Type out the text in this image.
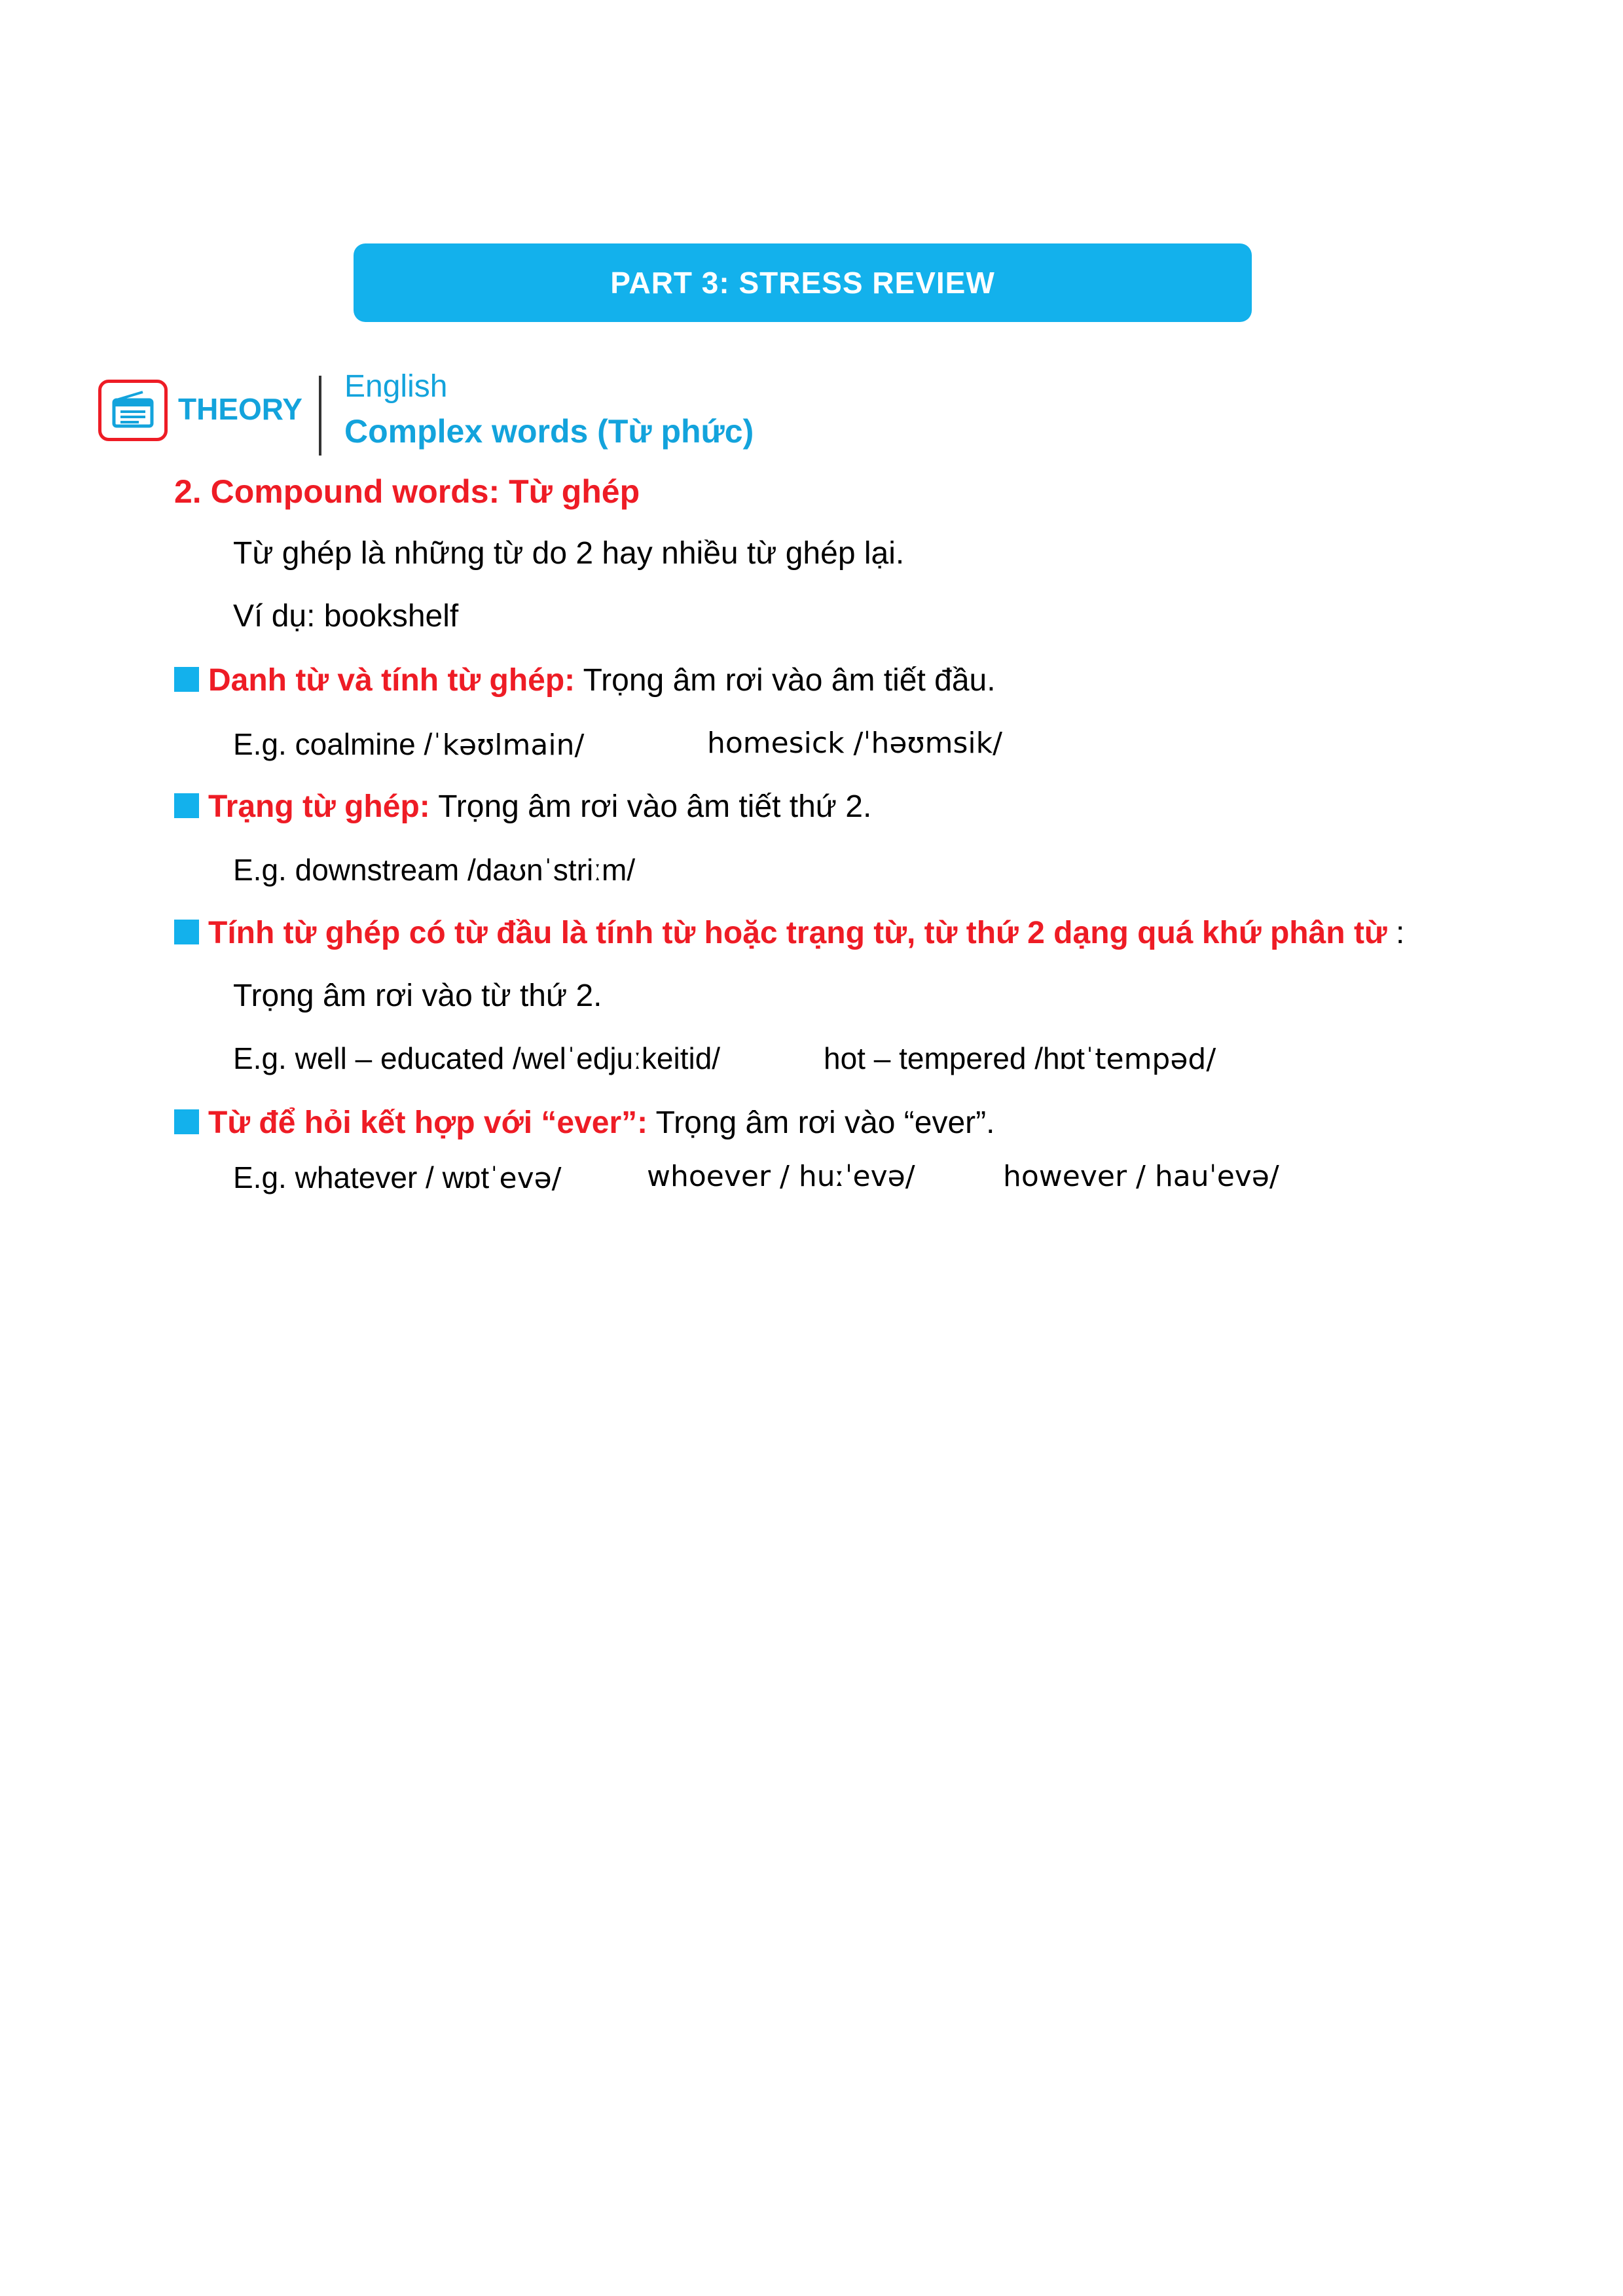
PART 3: STRESS REVIEW
THEORY
English
Complex words (Từ phức)
2. Compound words: Từ ghép
Từ ghép là những từ do 2 hay nhiều từ ghép lại.
Ví dụ: bookshelf
Danh từ và tính từ ghép: Trọng âm rơi vào âm tiết đầu.
E.g. coalmine /ˈkəʊlmain/	homesick /ˈhəʊmsik/
Trạng từ ghép: Trọng âm rơi vào âm tiết thứ 2.
E.g. downstream /daʊnˈstriːm/
Tính từ ghép có từ đầu là tính từ hoặc trạng từ, từ thứ 2 dạng quá khứ phân từ :
Trọng âm rơi vào từ thứ 2.
E.g. well – educated /welˈedjuːkeitid/	hot – tempered /hɒtˈtempəd/
Từ để hỏi kết hợp với “ever”: Trọng âm rơi vào “ever”.
E.g. whatever / wɒtˈevə/	whoever / huːˈevə/	however / hauˈevə/
